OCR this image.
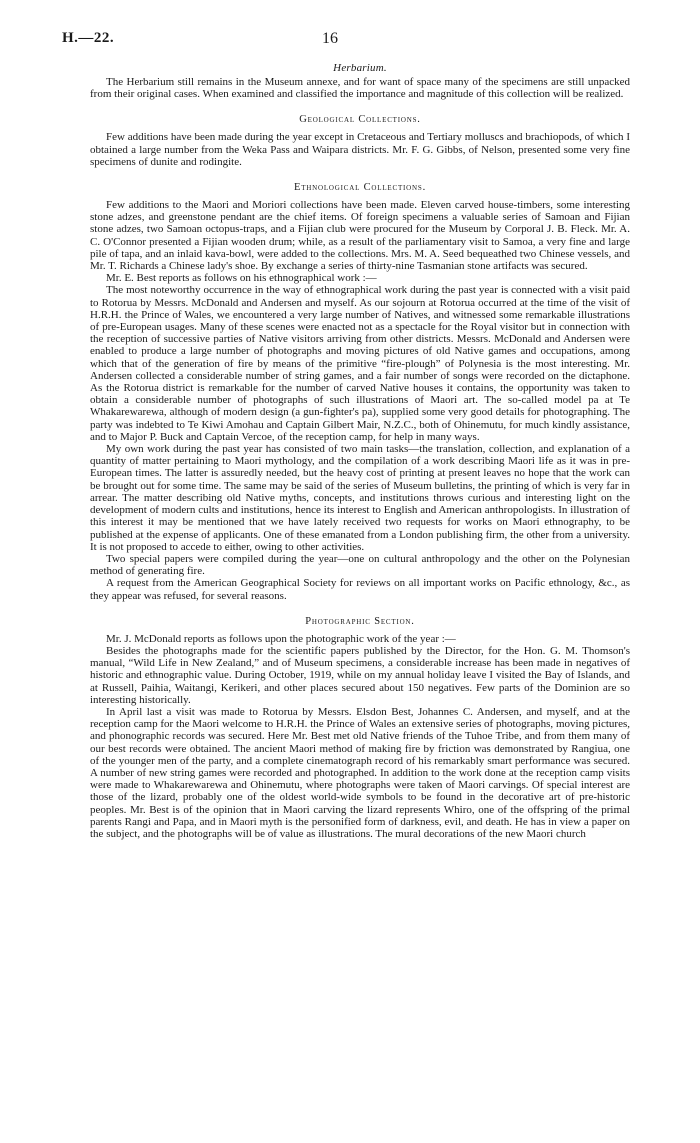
H.—22.	16
Herbarium.

The Herbarium still remains in the Museum annexe, and for want of space many of the specimens are still unpacked from their original cases. When examined and classified the importance and magnitude of this collection will be realized.

Geological Collections.

Few additions have been made during the year except in Cretaceous and Tertiary molluscs and brachiopods, of which I obtained a large number from the Weka Pass and Waipara districts. Mr. F. G. Gibbs, of Nelson, presented some very fine specimens of dunite and rodingite.

Ethnological Collections.

Few additions to the Maori and Moriori collections have been made. Eleven carved house-timbers, some interesting stone adzes, and greenstone pendant are the chief items. Of foreign specimens a valuable series of Samoan and Fijian stone adzes, two Samoan octopus-traps, and a Fijian club were procured for the Museum by Corporal J. B. Fleck. Mr. A. C. O'Connor presented a Fijian wooden drum; while, as a result of the parliamentary visit to Samoa, a very fine and large pile of tapa, and an inlaid kava-bowl, were added to the collections. Mrs. M. A. Seed bequeathed two Chinese vessels, and Mr. T. Richards a Chinese lady's shoe. By exchange a series of thirty-nine Tasmanian stone artifacts was secured.

Mr. E. Best reports as follows on his ethnographical work :—

The most noteworthy occurrence in the way of ethnographical work during the past year is connected with a visit paid to Rotorua by Messrs. McDonald and Andersen and myself. As our sojourn at Rotorua occurred at the time of the visit of H.R.H. the Prince of Wales, we encountered a very large number of Natives, and witnessed some remarkable illustrations of pre-European usages. Many of these scenes were enacted not as a spectacle for the Royal visitor but in connection with the reception of successive parties of Native visitors arriving from other districts. Messrs. McDonald and Andersen were enabled to produce a large number of photographs and moving pictures of old Native games and occupations, among which that of the generation of fire by means of the primitive “fire-plough” of Polynesia is the most interesting. Mr. Andersen collected a considerable number of string games, and a fair number of songs were recorded on the dictaphone. As the Rotorua district is remarkable for the number of carved Native houses it contains, the opportunity was taken to obtain a considerable number of photographs of such illustrations of Maori art. The so-called model pa at Te Whakarewarewa, although of modern design (a gun-fighter's pa), supplied some very good details for photographing. The party was indebted to Te Kiwi Amohau and Captain Gilbert Mair, N.Z.C., both of Ohinemutu, for much kindly assistance, and to Major P. Buck and Captain Vercoe, of the reception camp, for help in many ways.

My own work during the past year has consisted of two main tasks—the translation, collection, and explanation of a quantity of matter pertaining to Maori mythology, and the compilation of a work describing Maori life as it was in pre-European times. The latter is assuredly needed, but the heavy cost of printing at present leaves no hope that the work can be brought out for some time. The same may be said of the series of Museum bulletins, the printing of which is very far in arrear. The matter describing old Native myths, concepts, and institutions throws curious and interesting light on the development of modern cults and institutions, hence its interest to English and American anthropologists. In illustration of this interest it may be mentioned that we have lately received two requests for works on Maori ethnography, to be published at the expense of applicants. One of these emanated from a London publishing firm, the other from a university. It is not proposed to accede to either, owing to other activities.

Two special papers were compiled during the year—one on cultural anthropology and the other on the Polynesian method of generating fire.

A request from the American Geographical Society for reviews on all important works on Pacific ethnology, &c., as they appear was refused, for several reasons.

Photographic Section.

Mr. J. McDonald reports as follows upon the photographic work of the year :—

Besides the photographs made for the scientific papers published by the Director, for the Hon. G. M. Thomson's manual, “Wild Life in New Zealand,” and of Museum specimens, a considerable increase has been made in negatives of historic and ethnographic value. During October, 1919, while on my annual holiday leave I visited the Bay of Islands, and at Russell, Paihia, Waitangi, Kerikeri, and other places secured about 150 negatives. Few parts of the Dominion are so interesting historically.

In April last a visit was made to Rotorua by Messrs. Elsdon Best, Johannes C. Andersen, and myself, and at the reception camp for the Maori welcome to H.R.H. the Prince of Wales an extensive series of photographs, moving pictures, and phonographic records was secured. Here Mr. Best met old Native friends of the Tuhoe Tribe, and from them many of our best records were obtained. The ancient Maori method of making fire by friction was demonstrated by Rangiua, one of the younger men of the party, and a complete cinematograph record of his remarkably smart performance was secured. A number of new string games were recorded and photographed. In addition to the work done at the reception camp visits were made to Whakarewarewa and Ohinemutu, where photographs were taken of Maori carvings. Of special interest are those of the lizard, probably one of the oldest world-wide symbols to be found in the decorative art of pre-historic peoples. Mr. Best is of the opinion that in Maori carving the lizard represents Whiro, one of the offspring of the primal parents Rangi and Papa, and in Maori myth is the personified form of darkness, evil, and death. He has in view a paper on the subject, and the photographs will be of value as illustrations. The mural decorations of the new Maori church
